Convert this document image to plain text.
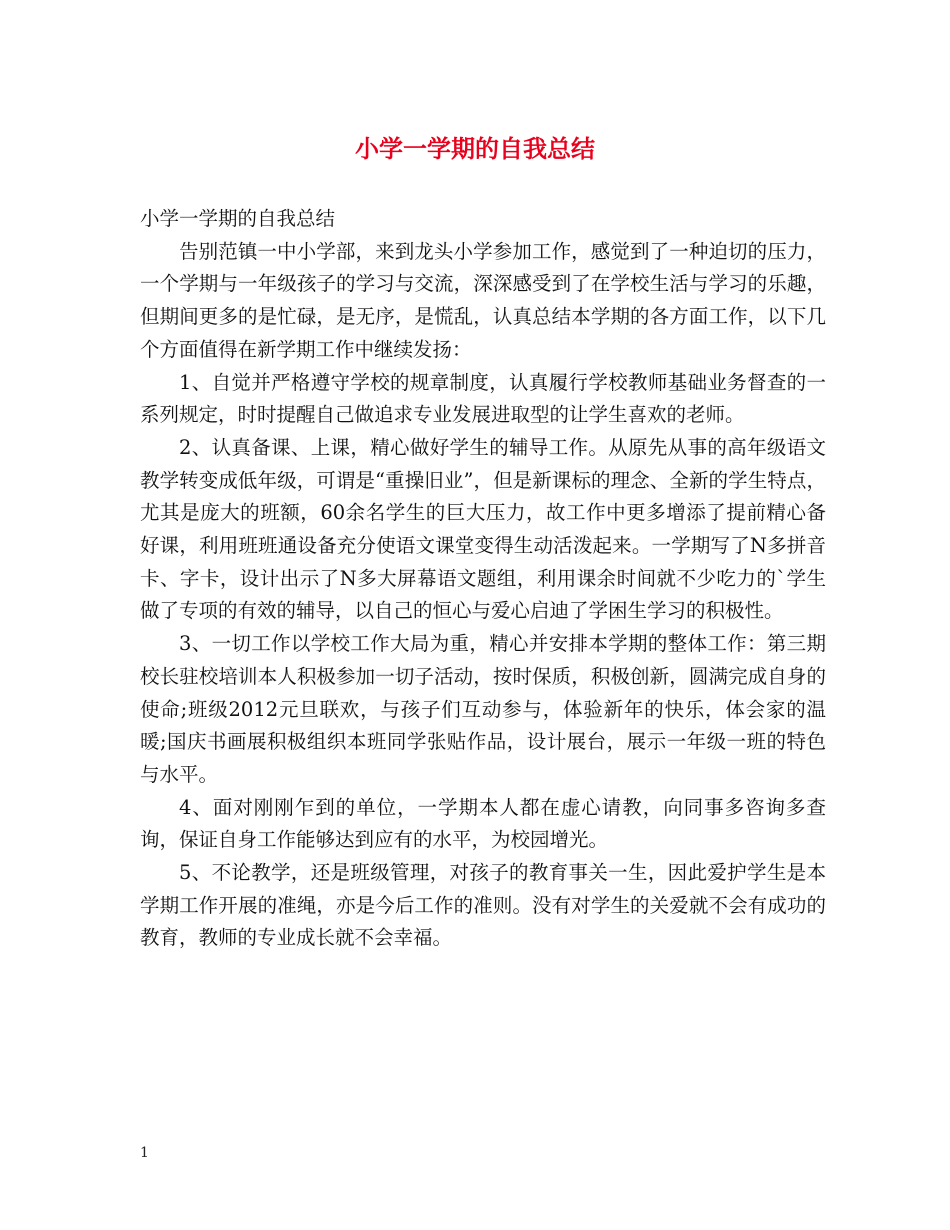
小学一学期的自我总结

小学一学期的自我总结

告别范镇一中小学部，来到龙头小学参加工作，感觉到了一种迫切的压力，一个学期与一年级孩子的学习与交流，深深感受到了在学校生活与学习的乐趣，但期间更多的是忙碌，是无序，是慌乱，认真总结本学期的各方面工作，以下几个方面值得在新学期工作中继续发扬：

1、自觉并严格遵守学校的规章制度，认真履行学校教师基础业务督查的一系列规定，时时提醒自己做追求专业发展进取型的让学生喜欢的老师。

2、认真备课、上课，精心做好学生的辅导工作。从原先从事的高年级语文教学转变成低年级，可谓是“重操旧业”，但是新课标的理念、全新的学生特点，尤其是庞大的班额，60余名学生的巨大压力，故工作中更多增添了提前精心备好课，利用班班通设备充分使语文课堂变得生动活泼起来。一学期写了N多拼音卡、字卡，设计出示了N多大屏幕语文题组，利用课余时间就不少吃力的`学生做了专项的有效的辅导，以自己的恒心与爱心启迪了学困生学习的积极性。

3、一切工作以学校工作大局为重，精心并安排本学期的整体工作：第三期校长驻校培训本人积极参加一切子活动，按时保质，积极创新，圆满完成自身的使命;班级2012元旦联欢，与孩子们互动参与，体验新年的快乐，体会家的温暖;国庆书画展积极组织本班同学张贴作品，设计展台，展示一年级一班的特色与水平。

4、面对刚刚乍到的单位，一学期本人都在虚心请教，向同事多咨询多查询，保证自身工作能够达到应有的水平，为校园增光。

5、不论教学，还是班级管理，对孩子的教育事关一生，因此爱护学生是本学期工作开展的准绳，亦是今后工作的准则。没有对学生的关爱就不会有成功的教育，教师的专业成长就不会幸福。

1
